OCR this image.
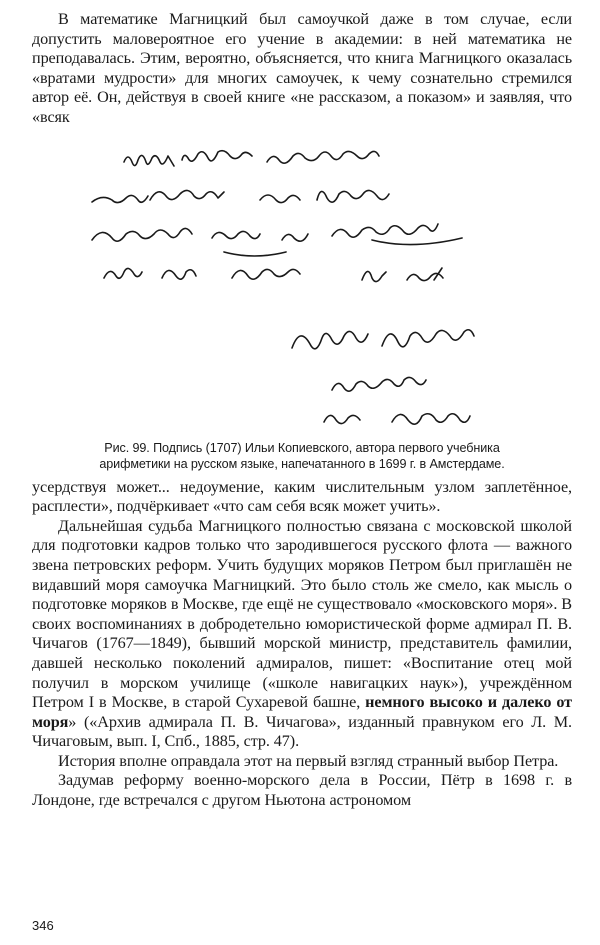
В математике Магницкий был самоучкой даже в том случае, если допустить маловероятное его учение в академии: в ней математика не преподавалась. Этим, вероятно, объясняется, что книга Магницкого оказалась «вратами мудрости» для многих самоучек, к чему сознательно стремился автор её. Он, действуя в своей книге «не рассказом, а показом» и заявляя, что «всяк

Рис. 99. Подпись (1707) Ильи Копиевского, автора первого учебника

арифметики на русском языке, напечатанного в 1699 г. в Амстердаме.

усердствуя может... недоумение, каким числительным узлом заплетённое, расплести», подчёркивает «что сам себя всяк может учить».

Дальнейшая судьба Магницкого полностью связана с московской школой для подготовки кадров только что зародившегося русского флота — важного звена петровских реформ. Учить будущих моряков Петром был приглашён не видавший моря самоучка Магницкий. Это было столь же смело, как мысль о подготовке моряков в Москве, где ещё не существовало «московского моря». В своих воспоминаниях в добродетельно юмористической форме адмирал П. В. Чичагов (1767—1849), бывший морской министр, представитель фамилии, давшей несколько поколений адмиралов, пишет: «Воспитание отец мой получил в морском училище («школе навигацких наук»), учреждённом Петром I в Москве, в старой Сухаревой башне, немного высоко и далеко от моря» («Архив адмирала П. В. Чичагова», изданный правнуком его Л. М. Чичаговым, вып. I, Спб., 1885, стр. 47).

История вполне оправдала этот на первый взгляд странный выбор Петра.

Задумав реформу военно-морского дела в России, Пётр в 1698 г. в Лондоне, где встречался с другом Ньютона астрономом

346
